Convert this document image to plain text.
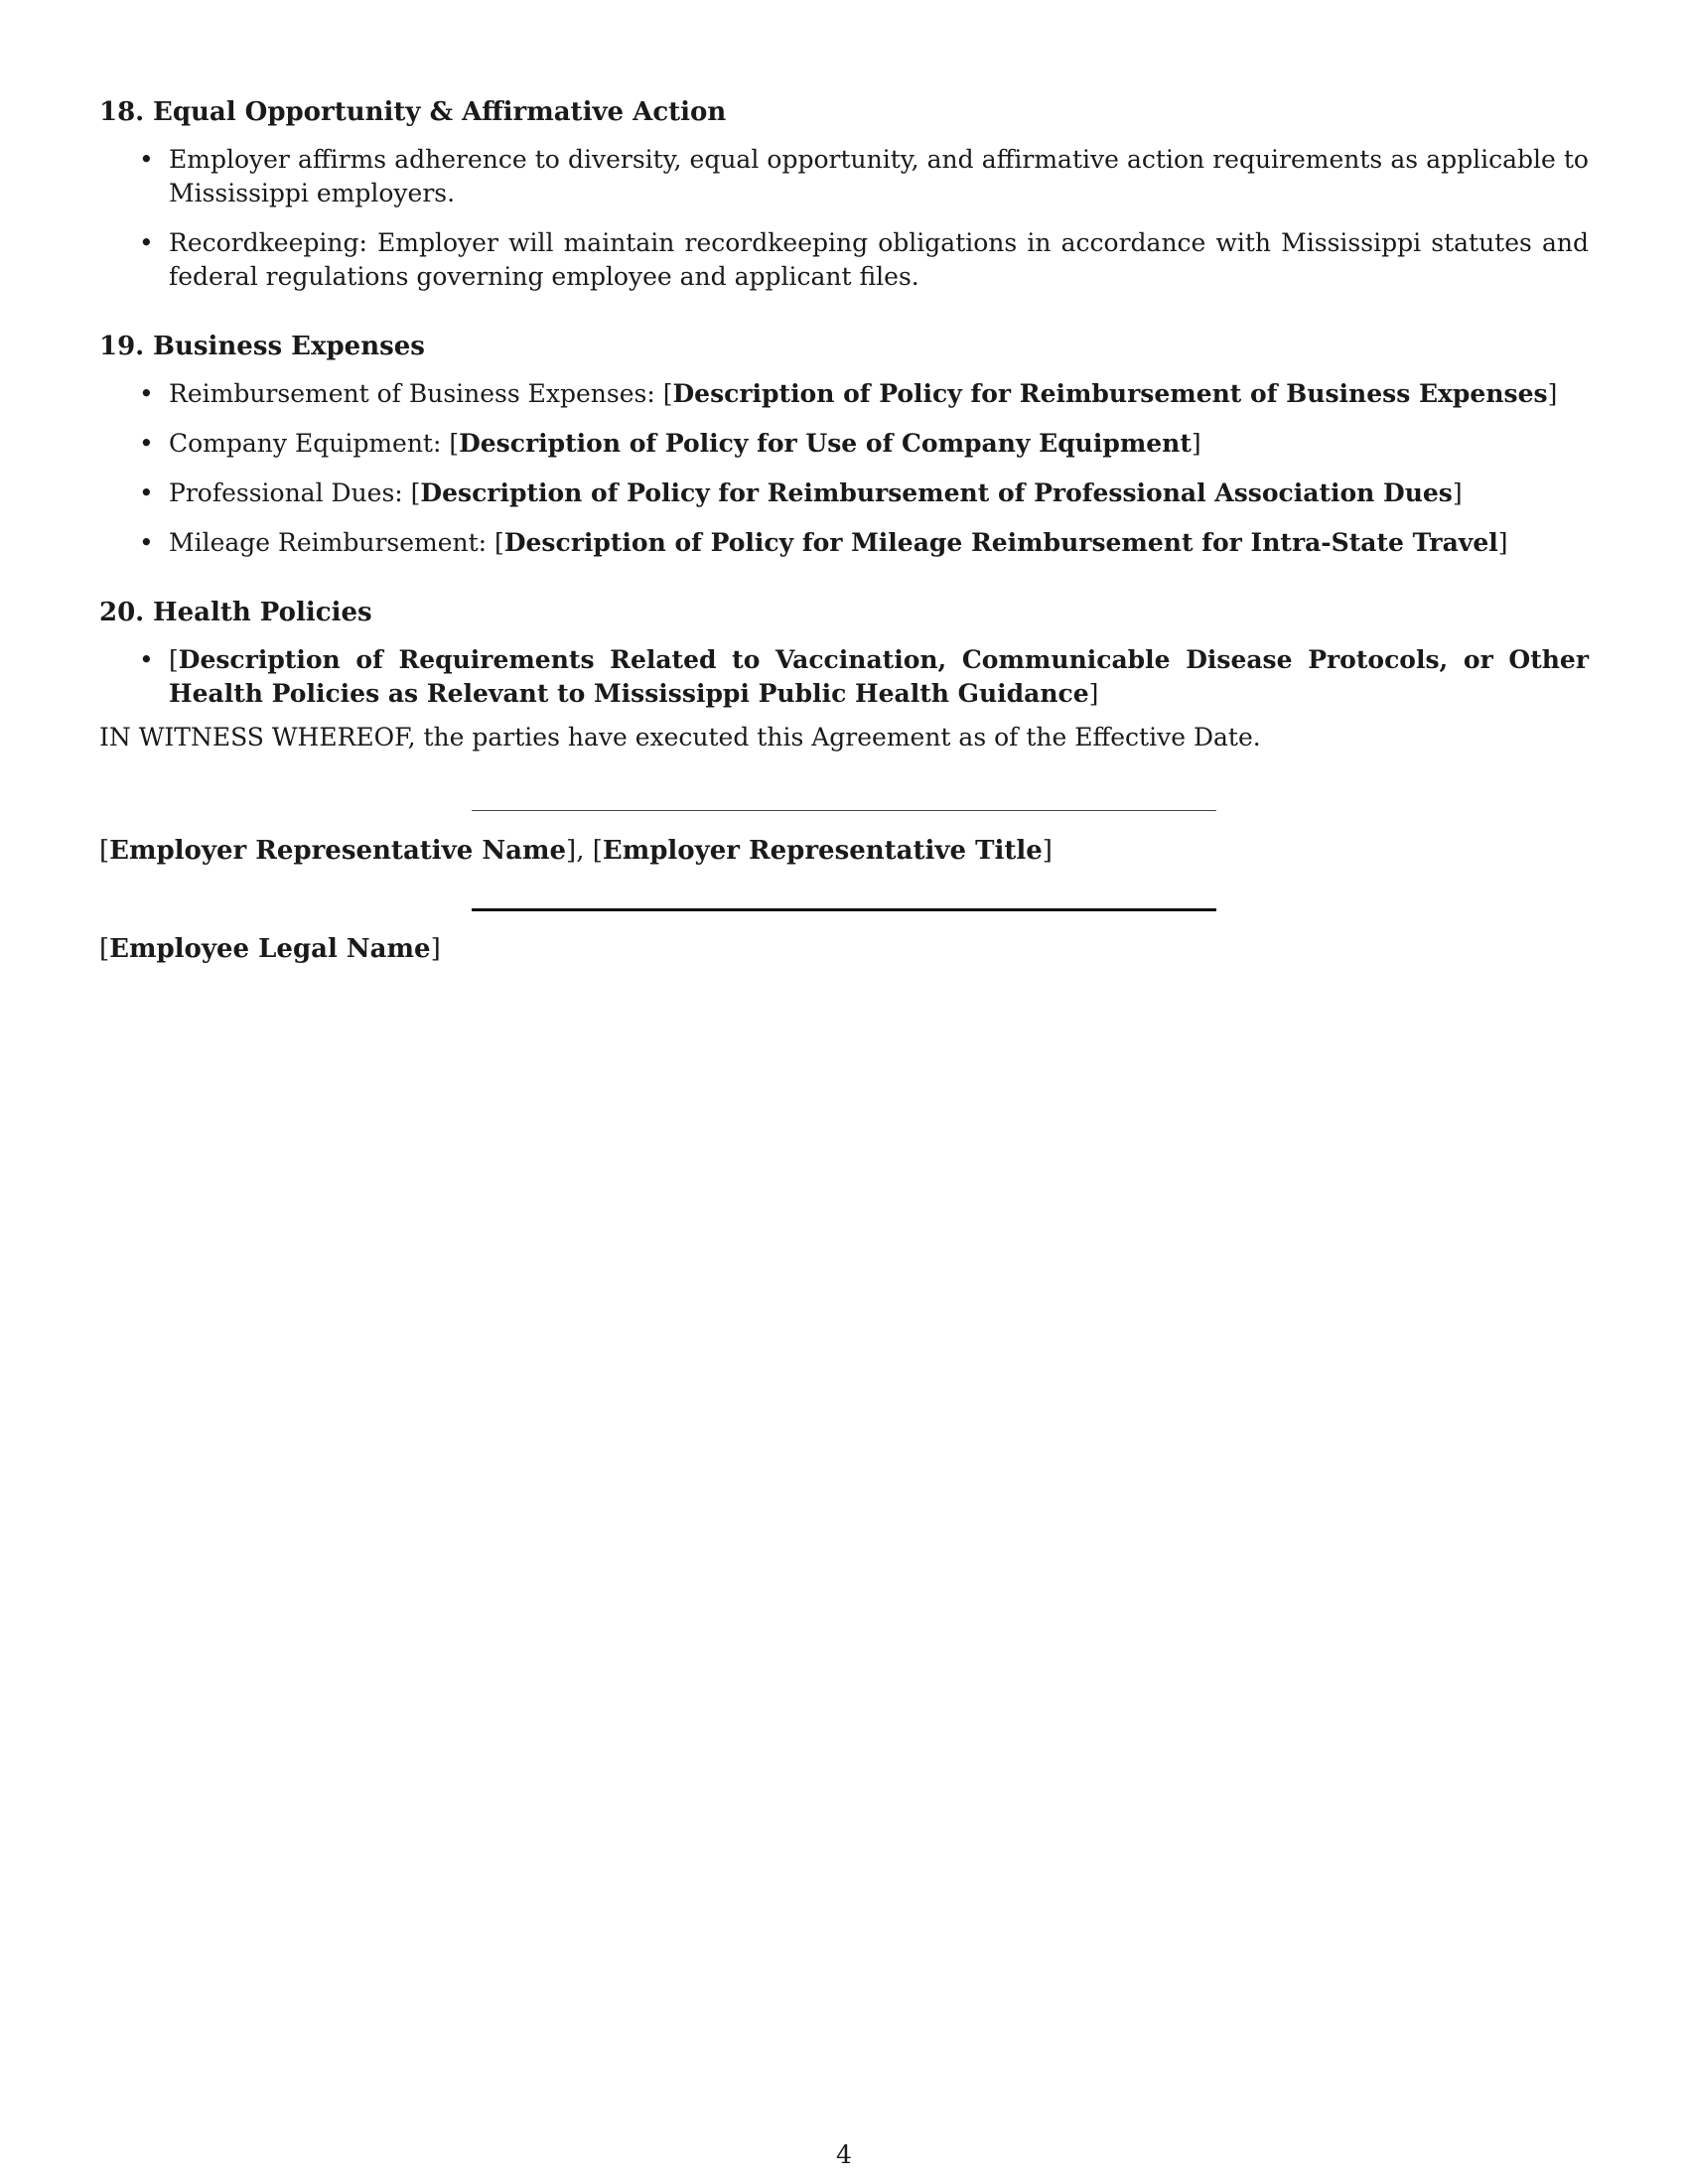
18. Equal Opportunity & Affirmative Action
• Employer affirms adherence to diversity, equal opportunity, and affirmative action requirements as applicable to Mississippi employers.
• Recordkeeping: Employer will maintain recordkeeping obligations in accordance with Mississippi statutes and federal regulations governing employee and applicant files.
19. Business Expenses
• Reimbursement of Business Expenses: [Description of Policy for Reimbursement of Business Expenses]
• Company Equipment: [Description of Policy for Use of Company Equipment]
• Professional Dues: [Description of Policy for Reimbursement of Professional Association Dues]
• Mileage Reimbursement: [Description of Policy for Mileage Reimbursement for Intra-State Travel]
20. Health Policies
• [Description of Requirements Related to Vaccination, Communicable Disease Protocols, or Other Health Policies as Relevant to Mississippi Public Health Guidance]

IN WITNESS WHEREOF, the parties have executed this Agreement as of the Effective Date.

[Employer Representative Name], [Employer Representative Title]
[Employee Legal Name]
4
